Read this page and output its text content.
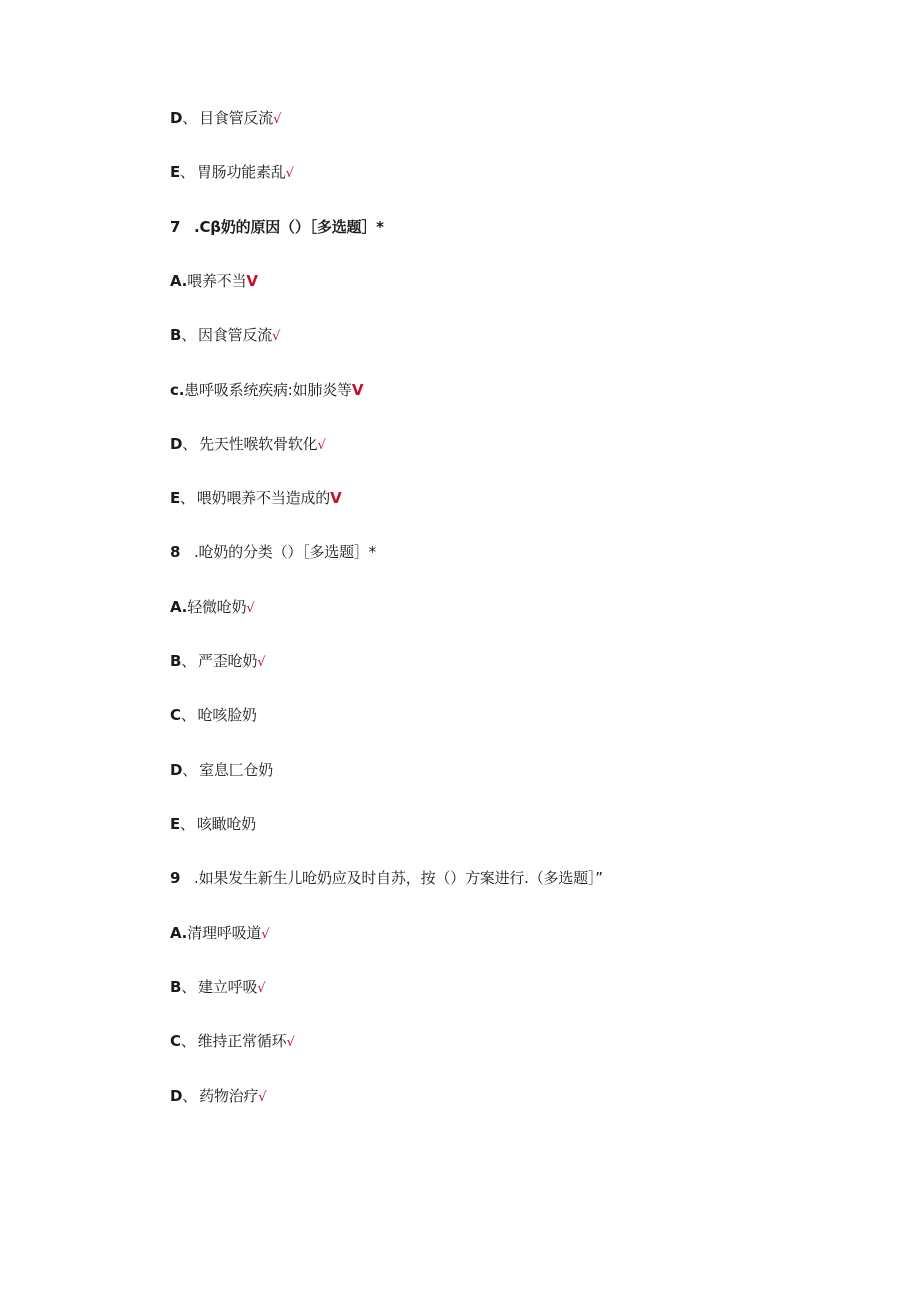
D、 目食管反流√
E、 胃肠功能素乱√
7 .Cβ奶的原因（）［多选题］*
A.喂养不当V
B、 因食管反流√
c.患呼吸系统疾病:如肺炎等V
D、 先天性喉软骨软化√
E、 喂奶喂养不当造成的V
8 .呛奶的分类（）［多选题］*
A.轻微呛奶√
B、 严歪呛奶√
C、 呛咳脸奶
D、 室息匚仓奶
E、 咳瞰呛奶
9 .如果发生新生儿呛奶应及时自苏，按（）方案进行.（多选题］”
A.清理呼吸道√
B、 建立呼吸√
C、 维持正常循环√
D、 药物治疗√
